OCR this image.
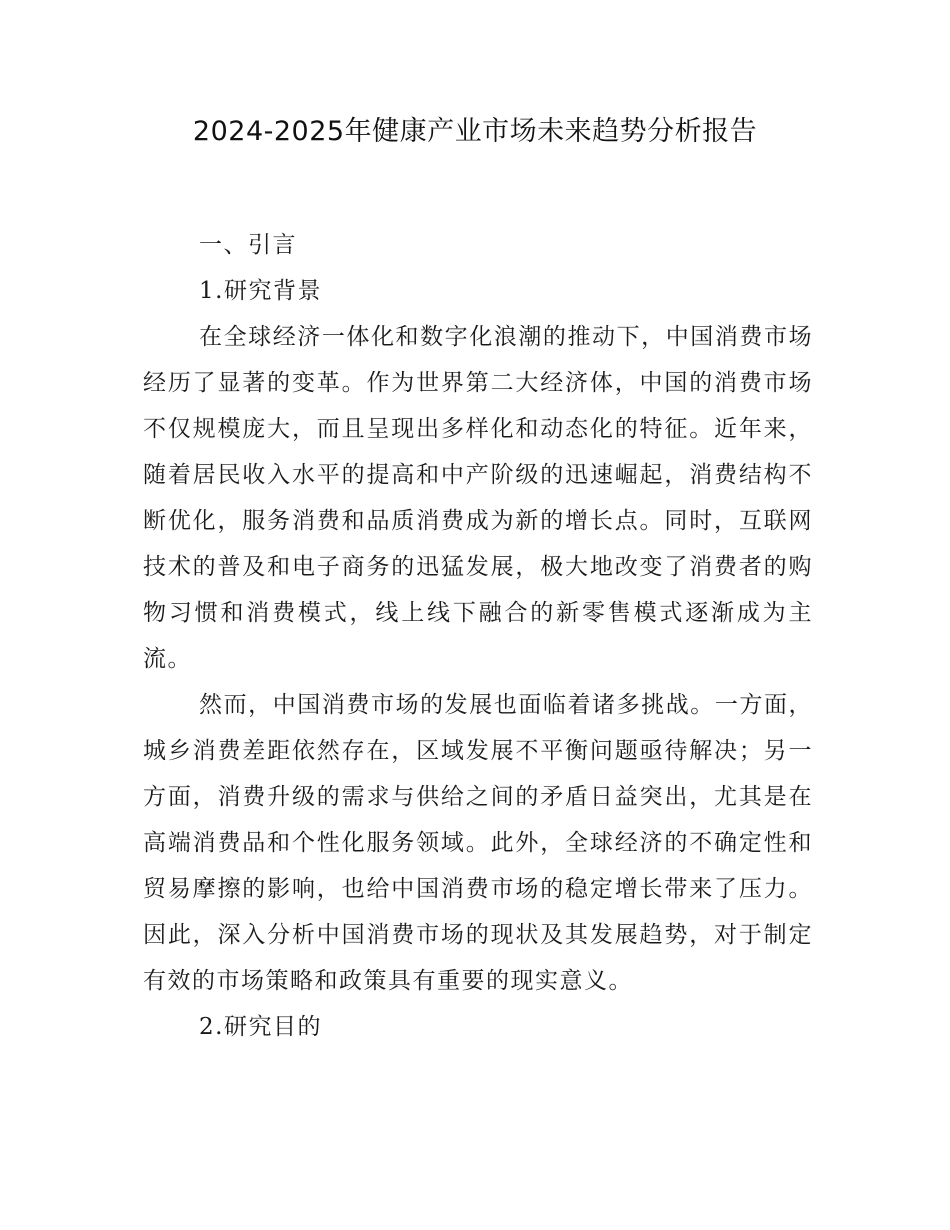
2024-2025年健康产业市场未来趋势分析报告

一、引言

1.研究背景

在全球经济一体化和数字化浪潮的推动下，中国消费市场经历了显著的变革。作为世界第二大经济体，中国的消费市场不仅规模庞大，而且呈现出多样化和动态化的特征。近年来，随着居民收入水平的提高和中产阶级的迅速崛起，消费结构不断优化，服务消费和品质消费成为新的增长点。同时，互联网技术的普及和电子商务的迅猛发展，极大地改变了消费者的购物习惯和消费模式，线上线下融合的新零售模式逐渐成为主流。

然而，中国消费市场的发展也面临着诸多挑战。一方面，城乡消费差距依然存在，区域发展不平衡问题亟待解决；另一方面，消费升级的需求与供给之间的矛盾日益突出，尤其是在高端消费品和个性化服务领域。此外，全球经济的不确定性和贸易摩擦的影响，也给中国消费市场的稳定增长带来了压力。因此，深入分析中国消费市场的现状及其发展趋势，对于制定有效的市场策略和政策具有重要的现实意义。

2.研究目的
